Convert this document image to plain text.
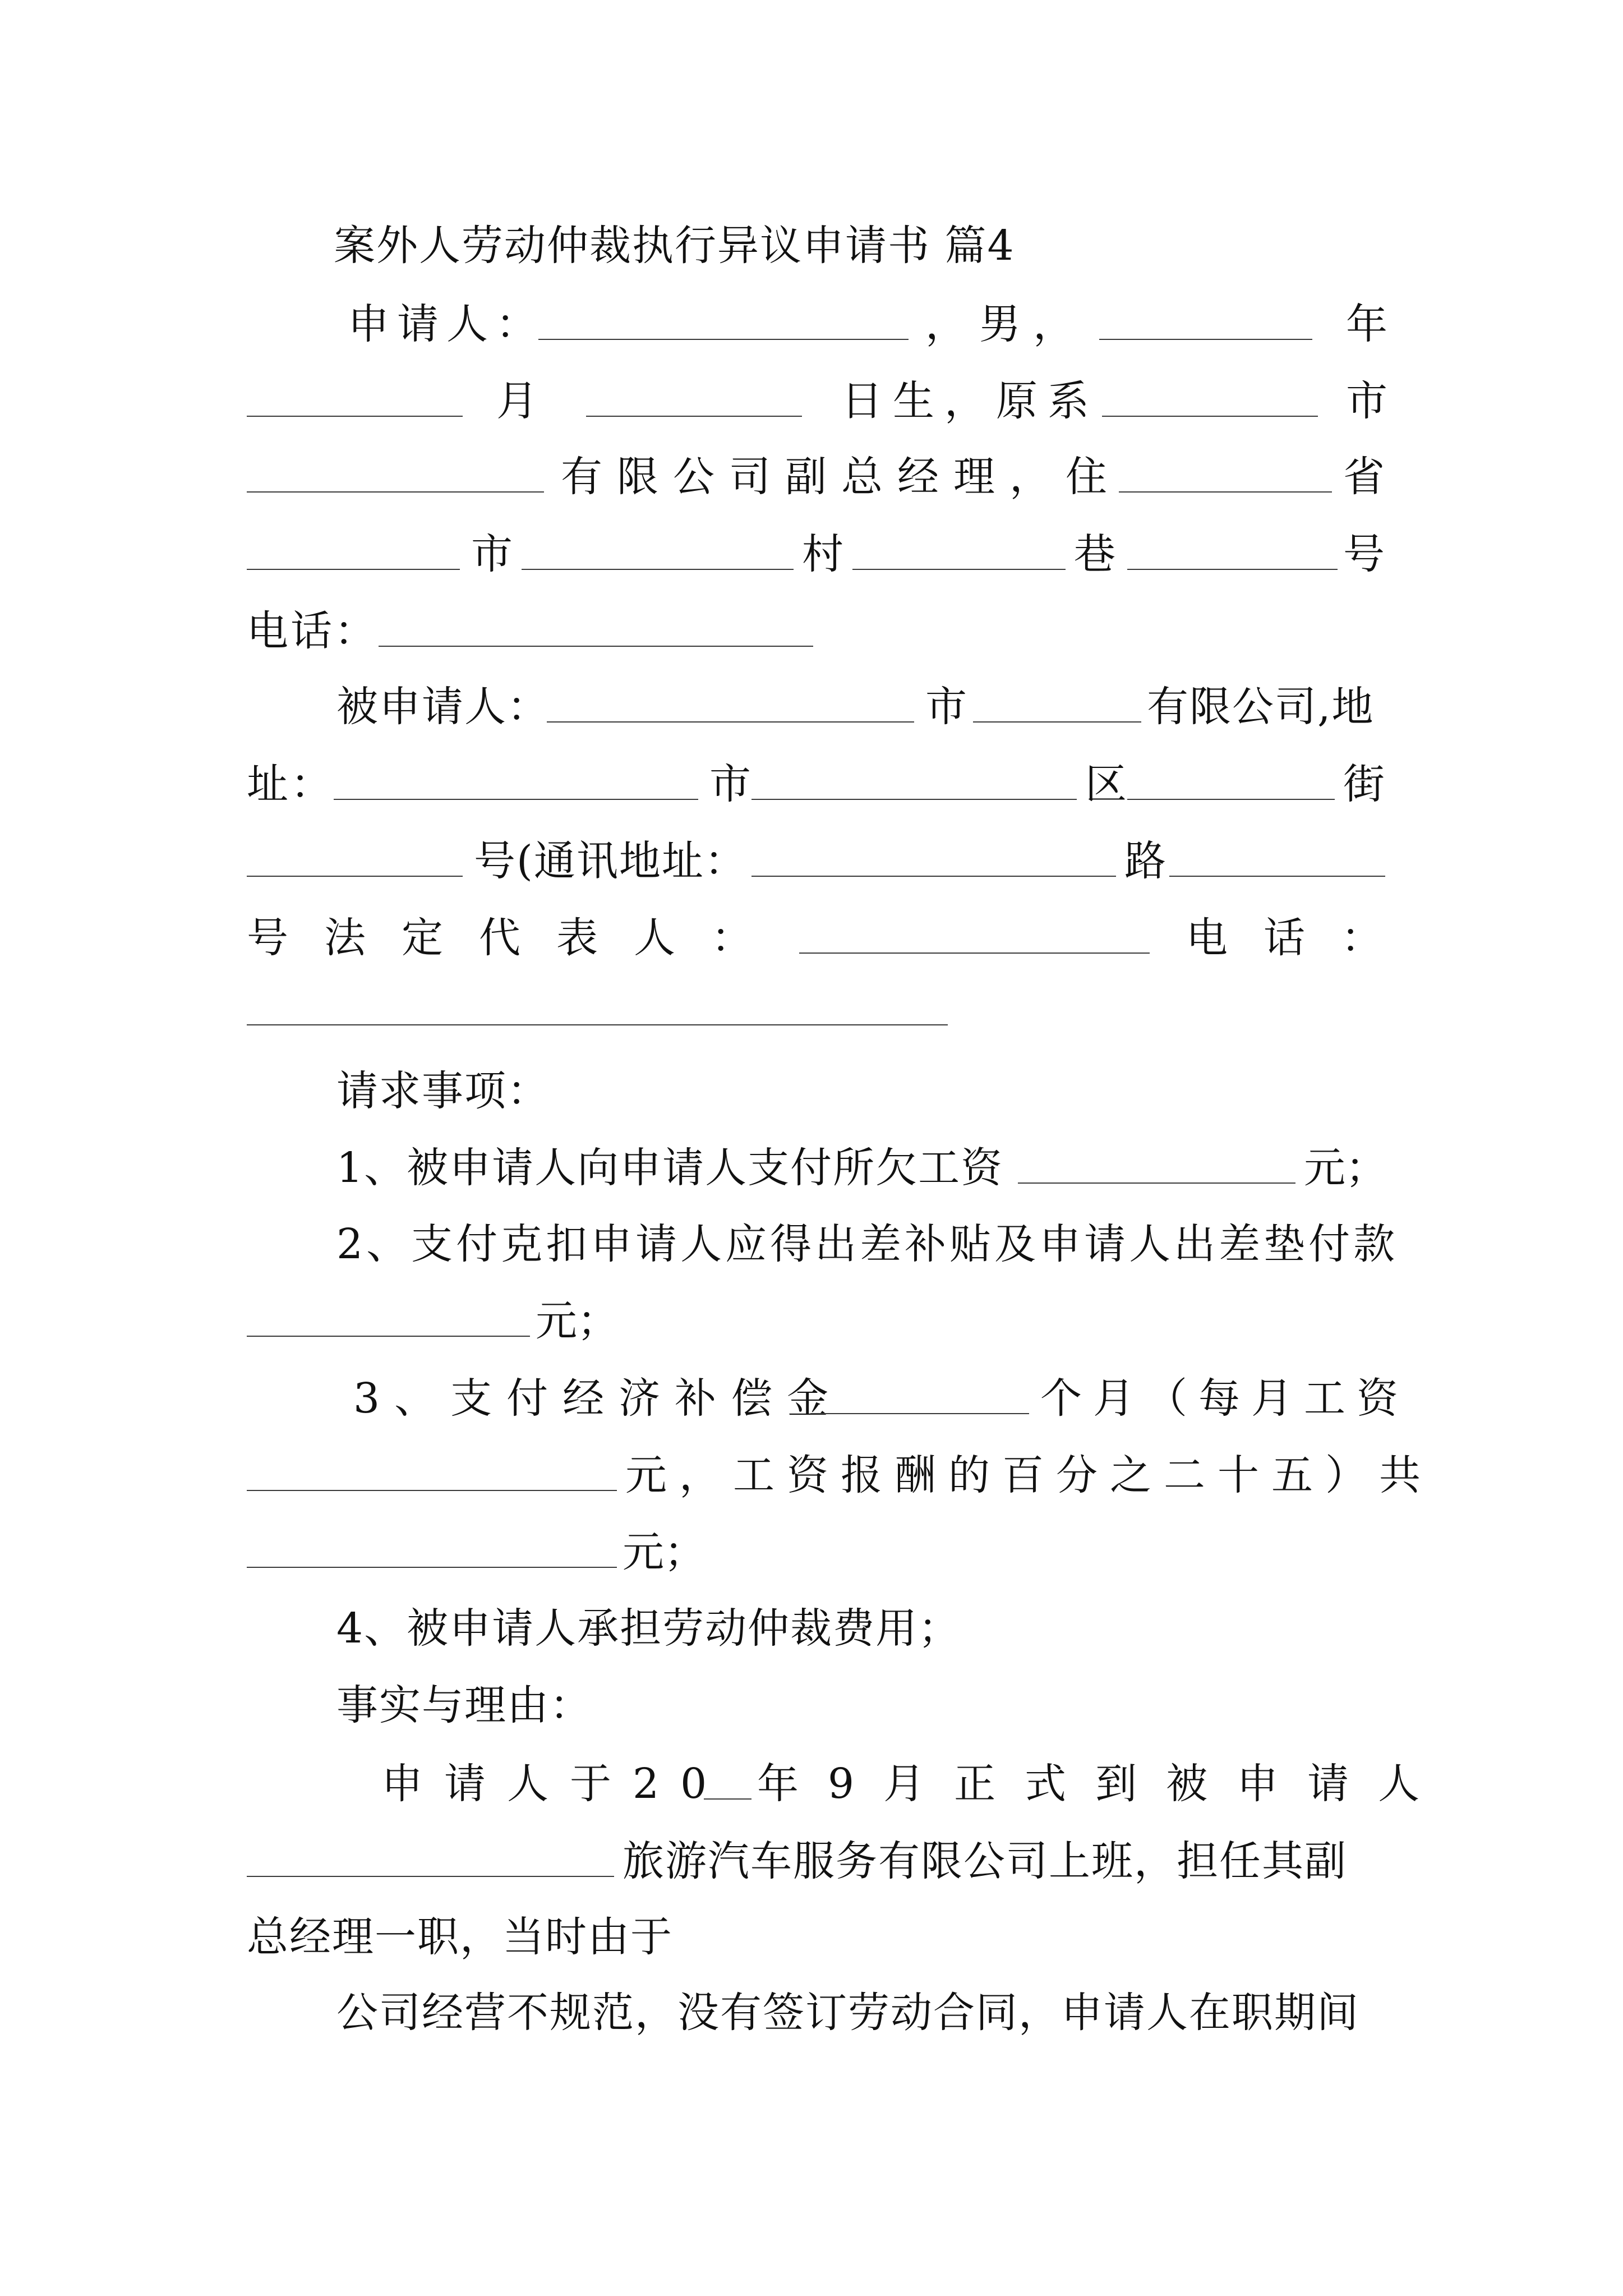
案外人劳动仲裁执行异议申请书 篇4
申请人：	，男，	年
月	日生，原系	市
有限公司副总经理，住	省
市	村	巷	号
电话：
被申请人：	市	有限公司,地
址：	市	区	街
号(通讯地址：	路
号法定代表人：	电话：
请求事项：
1、被申请人向申请人支付所欠工资	元；
2、支付克扣申请人应得出差补贴及申请人出差垫付款
元；
3、支付经济补偿金	个月（每月工资
元，工资报酬的百分之二十五）共
元；
4、被申请人承担劳动仲裁费用；
事实与理由：
申请人于20 年9月正式到被申请人
旅游汽车服务有限公司上班，担任其副
总经理一职，当时由于
公司经营不规范，没有签订劳动合同，申请人在职期间
